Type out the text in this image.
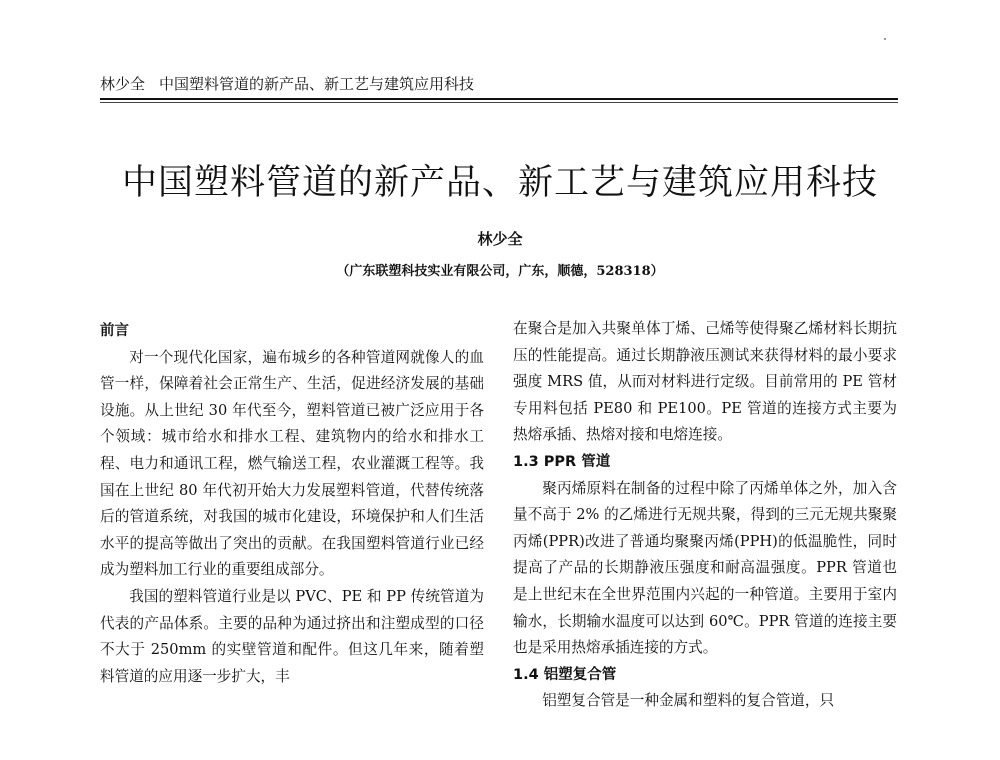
林少全 中国塑料管道的新产品、新工艺与建筑应用科技
中国塑料管道的新产品、新工艺与建筑应用科技
林少全
（广东联塑科技实业有限公司，广东，顺德，528318）
前言

对一个现代化国家，遍布城乡的各种管道网就像人的血管一样，保障着社会正常生产、生活，促进经济发展的基础设施。从上世纪 30 年代至今，塑料管道已被广泛应用于各个领域：城市给水和排水工程、建筑物内的给水和排水工程、电力和通讯工程，燃气输送工程，农业灌溉工程等。我国在上世纪 80 年代初开始大力发展塑料管道，代替传统落后的管道系统，对我国的城市化建设，环境保护和人们生活水平的提高等做出了突出的贡献。在我国塑料管道行业已经成为塑料加工行业的重要组成部分。

我国的塑料管道行业是以 PVC、PE 和 PP 传统管道为代表的产品体系。主要的品种为通过挤出和注塑成型的口径不大于 250mm 的实壁管道和配件。但这几年来，随着塑料管道的应用逐一步扩大，丰

在聚合是加入共聚单体丁烯、己烯等使得聚乙烯材料长期抗压的性能提高。通过长期静液压测试来获得材料的最小要求强度 MRS 值，从而对材料进行定级。目前常用的 PE 管材专用料包括 PE80 和 PE100。PE 管道的连接方式主要为热熔承插、热熔对接和电熔连接。

1.3 PPR 管道

聚丙烯原料在制备的过程中除了丙烯单体之外，加入含量不高于 2% 的乙烯进行无规共聚，得到的三元无规共聚聚丙烯(PPR)改进了普通均聚聚丙烯(PPH)的低温脆性，同时提高了产品的长期静液压强度和耐高温强度。PPR 管道也是上世纪末在全世界范围内兴起的一种管道。主要用于室内输水，长期输水温度可以达到 60℃。PPR 管道的连接主要也是采用热熔承插连接的方式。

1.4 铝塑复合管

铝塑复合管是一种金属和塑料的复合管道，只
